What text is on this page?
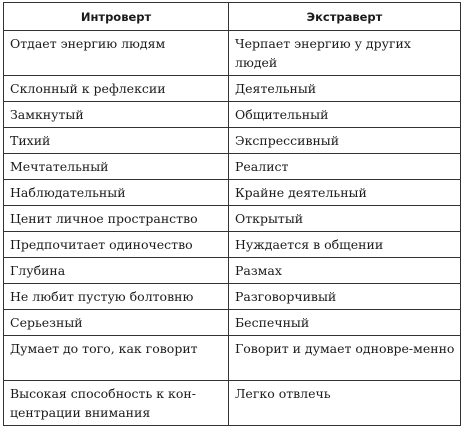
Интроверт	Экстраверт
Отдает энергию людям	Черпает энергию у других людей
Склонный к рефлексии	Деятельный
Замкнутый	Общительный
Тихий	Экспрессивный
Мечтательный	Реалист
Наблюдательный	Крайне деятельный
Ценит личное пространство	Открытый
Предпочитает одиночество	Нуждается в общении
Глубина	Размах
Не любит пустую болтовню	Разговорчивый
Серьезный	Беспечный
Думает до того, как говорит	Говорит и думает одновре-менно
Высокая способность к кон-центрации внимания	Легко отвлечь
